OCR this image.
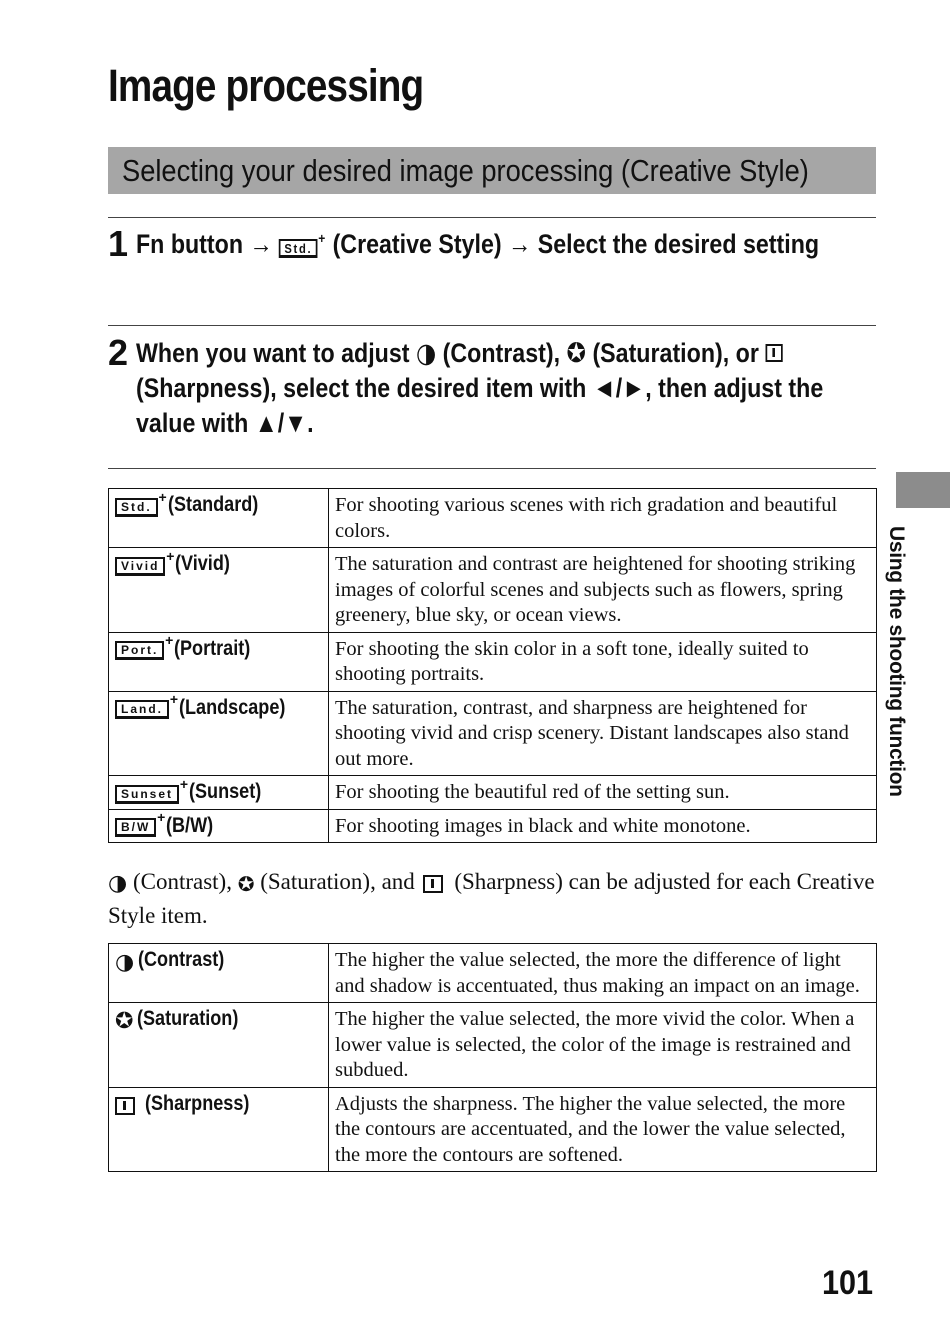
Image processing
Selecting your desired image processing (Creative Style)
1 Fn button → Std.
+ (Creative Style) → Select the desired setting
2 When you want to adjust ◑ (Contrast), ✪ (Saturation), or  (Sharpness), select the desired item with ◄/►, then adjust the value with ▲/▼.
Std.
+ (Standard)	For shooting various scenes with rich gradation and beautiful colors.
Vivid
+ (Vivid)	The saturation and contrast are heightened for shooting striking images of colorful scenes and subjects such as flowers, spring greenery, blue sky, or ocean views.
Port.
+ (Portrait)	For shooting the skin color in a soft tone, ideally suited to shooting portraits.
Land.
+ (Landscape)	The saturation, contrast, and sharpness are heightened for shooting vivid and crisp scenery. Distant landscapes also stand out more.
Sunset
+ (Sunset)	For shooting the beautiful red of the setting sun.
B/W
+ (B/W)	For shooting images in black and white monotone.
◑ (Contrast), ✪ (Saturation), and (Sharpness) can be adjusted for each Creative Style item.
◑ (Contrast)	The higher the value selected, the more the difference of light and shadow is accentuated, thus making an impact on an image.
✪ (Saturation)	The higher the value selected, the more vivid the color. When a lower value is selected, the color of the image is restrained and subdued.
(Sharpness)	Adjusts the sharpness. The higher the value selected, the more the contours are accentuated, and the lower the value selected, the more the contours are softened.
Using the shooting function
101
